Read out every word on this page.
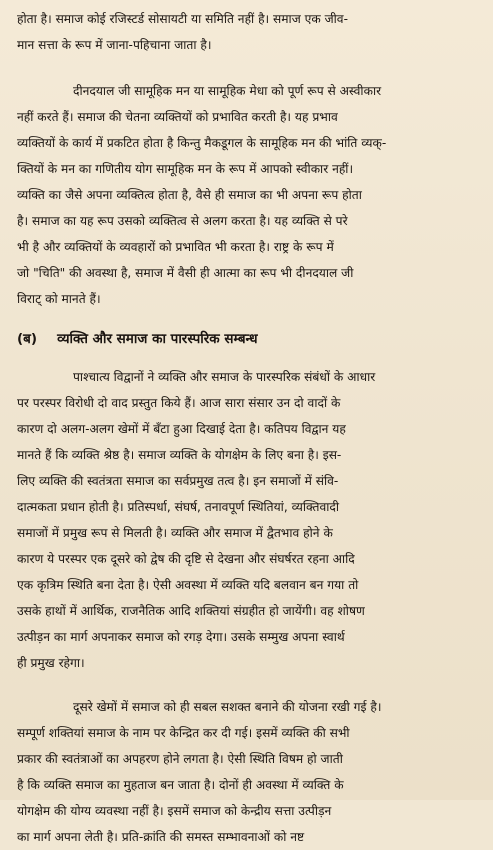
होता है। समाज कोई रजिस्टर्ड सोसायटी या समिति नहीं है। समाज एक जीव-

मान सत्ता के रूप में जाना-पहिचाना जाता है।

दीनदयाल जी सामूहिक मन या सामूहिक मेधा को पूर्ण रूप से अस्वीकार

नहीं करते हैं। समाज की चेतना व्यक्तियों को प्रभावित करती है। यह प्रभाव

व्यक्तियों के कार्य में प्रकटित होता है किन्तु मैकडूगल के सामूहिक मन की भांति व्यक्-

क्तियों के मन का गणितीय योग सामूहिक मन के रूप में आपको स्वीकार नहीं।

व्यक्ति का जैसे अपना व्यक्तित्व होता है, वैसे ही समाज का भी अपना रूप होता

है। समाज का यह रूप उसको व्यक्तित्व से अलग करता है। यह व्यक्ति से परे

भी है और व्यक्तियों के व्यवहारों को प्रभावित भी करता है। राष्ट्र के रूप में

जो "चिति" की अवस्था है, समाज में वैसी ही आत्मा का रूप भी दीनदयाल जी

विराट् को मानते हैं।

(ब) व्यक्ति और समाज का पारस्परिक सम्बन्ध

पाश्चात्य विद्वानों ने व्यक्ति और समाज के पारस्परिक संबंधों के आधार

पर परस्पर विरोधी दो वाद प्रस्तुत किये हैं। आज सारा संसार उन दो वादों के

कारण दो अलग-अलग खेमों में बँटा हुआ दिखाई देता है। कतिपय विद्वान यह

मानते हैं कि व्यक्ति श्रेष्ठ है। समाज व्यक्ति के योगक्षेम के लिए बना है। इस-

लिए व्यक्ति की स्वतंत्रता समाज का सर्वप्रमुख तत्व है। इन समाजों में संवि-

दात्मकता प्रधान होती है। प्रतिस्पर्धा, संघर्ष, तनावपूर्ण स्थितियां, व्यक्तिवादी

समाजों में प्रमुख रूप से मिलती है। व्यक्ति और समाज में द्वैतभाव होने के

कारण ये परस्पर एक दूसरे को द्वेष की दृष्टि से देखना और संघर्षरत रहना आदि

एक कृत्रिम स्थिति बना देता है। ऐसी अवस्था में व्यक्ति यदि बलवान बन गया तो

उसके हाथों में आर्थिक, राजनैतिक आदि शक्तियां संग्रहीत हो जायेंगी। वह शोषण

उत्पीड़न का मार्ग अपनाकर समाज को रगड़ देगा। उसके सम्मुख अपना स्वार्थ

ही प्रमुख रहेगा।

दूसरे खेमों में समाज को ही सबल सशक्त बनाने की योजना रखी गई है।

सम्पूर्ण शक्तियां समाज के नाम पर केन्द्रित कर दी गई। इसमें व्यक्ति की सभी

प्रकार की स्वतंत्राओं का अपहरण होने लगता है। ऐसी स्थिति विषम हो जाती

है कि व्यक्ति समाज का मुहताज बन जाता है। दोनों ही अवस्था में व्यक्ति के

योगक्षेम की योग्य व्यवस्था नहीं है। इसमें समाज को केन्द्रीय सत्ता उत्पीड़न

का मार्ग अपना लेती है। प्रति-क्रांति की समस्त सम्भावनाओं को नष्ट
